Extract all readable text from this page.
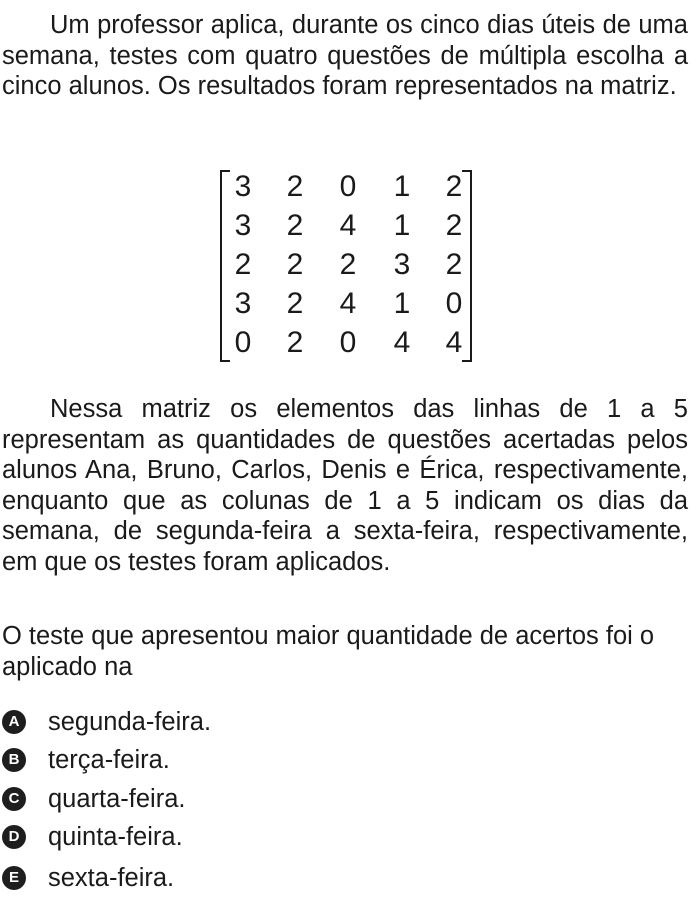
Um professor aplica, durante os cinco dias úteis de uma semana, testes com quatro questões de múltipla escolha a cinco alunos. Os resultados foram representados na matriz.

3 2 0 1 2
3 2 4 1 2
2 2 2 3 2
3 2 4 1 0
0 2 0 4 4

Nessa matriz os elementos das linhas de 1 a 5 representam as quantidades de questões acertadas pelos alunos Ana, Bruno, Carlos, Denis e Érica, respectivamente, enquanto que as colunas de 1 a 5 indicam os dias da semana, de segunda-feira a sexta-feira, respectivamente, em que os testes foram aplicados.

O teste que apresentou maior quantidade de acertos foi o aplicado na

A segunda-feira.
B terça-feira.
C quarta-feira.
D quinta-feira.
E sexta-feira.
